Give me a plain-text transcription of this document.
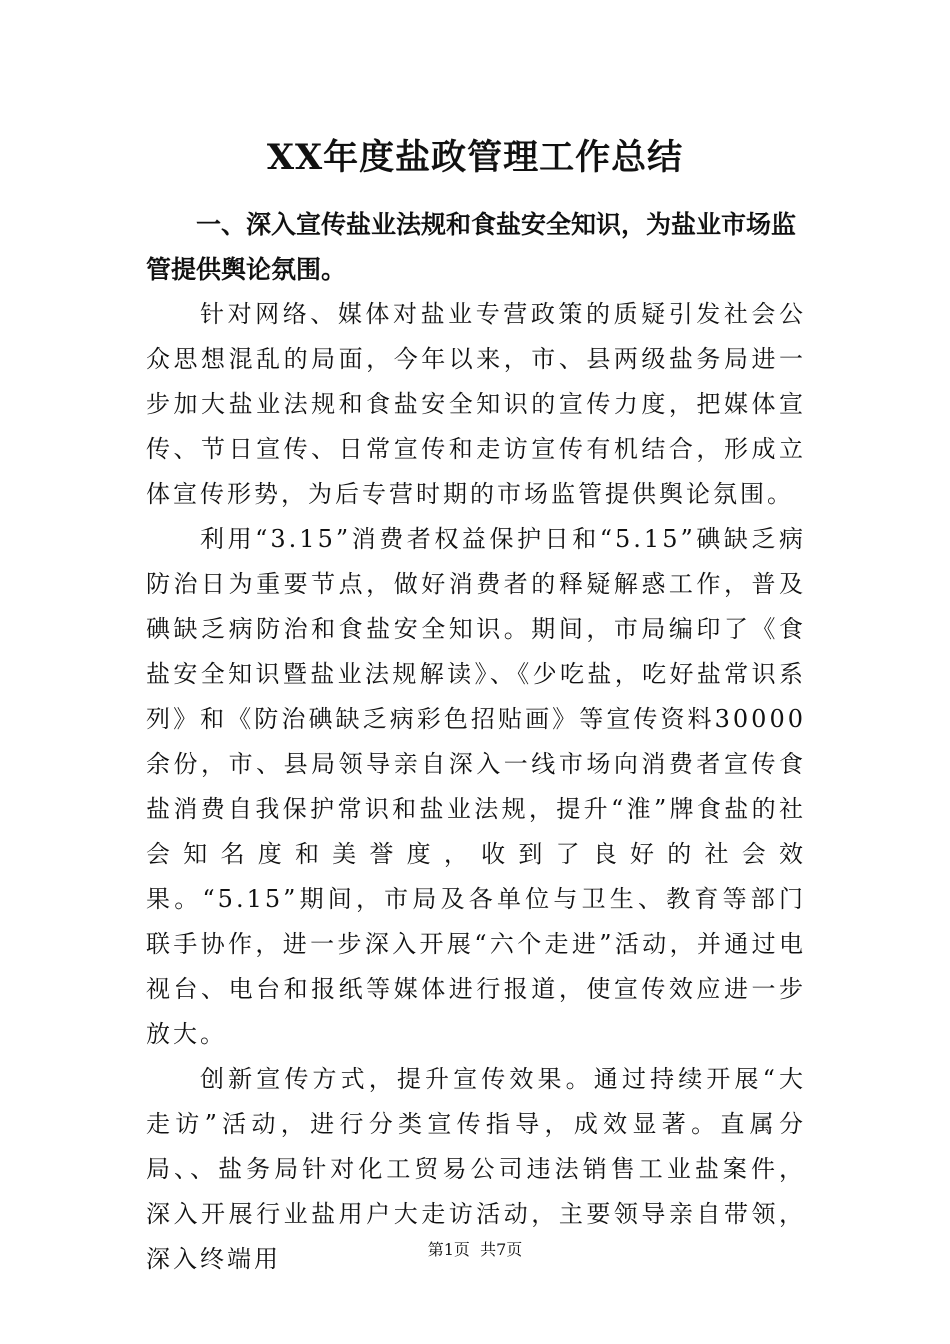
XX年度盐政管理工作总结

一、深入宣传盐业法规和食盐安全知识，为盐业市场监管提供舆论氛围。

针对网络、媒体对盐业专营政策的质疑引发社会公众思想混乱的局面，今年以来，市、县两级盐务局进一步加大盐业法规和食盐安全知识的宣传力度，把媒体宣传、节日宣传、日常宣传和走访宣传有机结合，形成立体宣传形势，为后专营时期的市场监管提供舆论氛围。

利用“3.15”消费者权益保护日和“5.15”碘缺乏病防治日为重要节点，做好消费者的释疑解惑工作，普及碘缺乏病防治和食盐安全知识。期间，市局编印了《食盐安全知识暨盐业法规解读》、《少吃盐，吃好盐常识系列》和《防治碘缺乏病彩色招贴画》等宣传资料30000余份，市、县局领导亲自深入一线市场向消费者宣传食盐消费自我保护常识和盐业法规，提升“淮”牌食盐的社会知名度和美誉度，收到了良好的社会效果。“5.15”期间，市局及各单位与卫生、教育等部门联手协作，进一步深入开展“六个走进”活动，并通过电视台、电台和报纸等媒体进行报道，使宣传效应进一步放大。

创新宣传方式，提升宣传效果。通过持续开展“大走访”活动，进行分类宣传指导，成效显著。直属分局、、盐务局针对化工贸易公司违法销售工业盐案件，深入开展行业盐用户大走访活动，主要领导亲自带领，深入终端用	第1页  共7页
